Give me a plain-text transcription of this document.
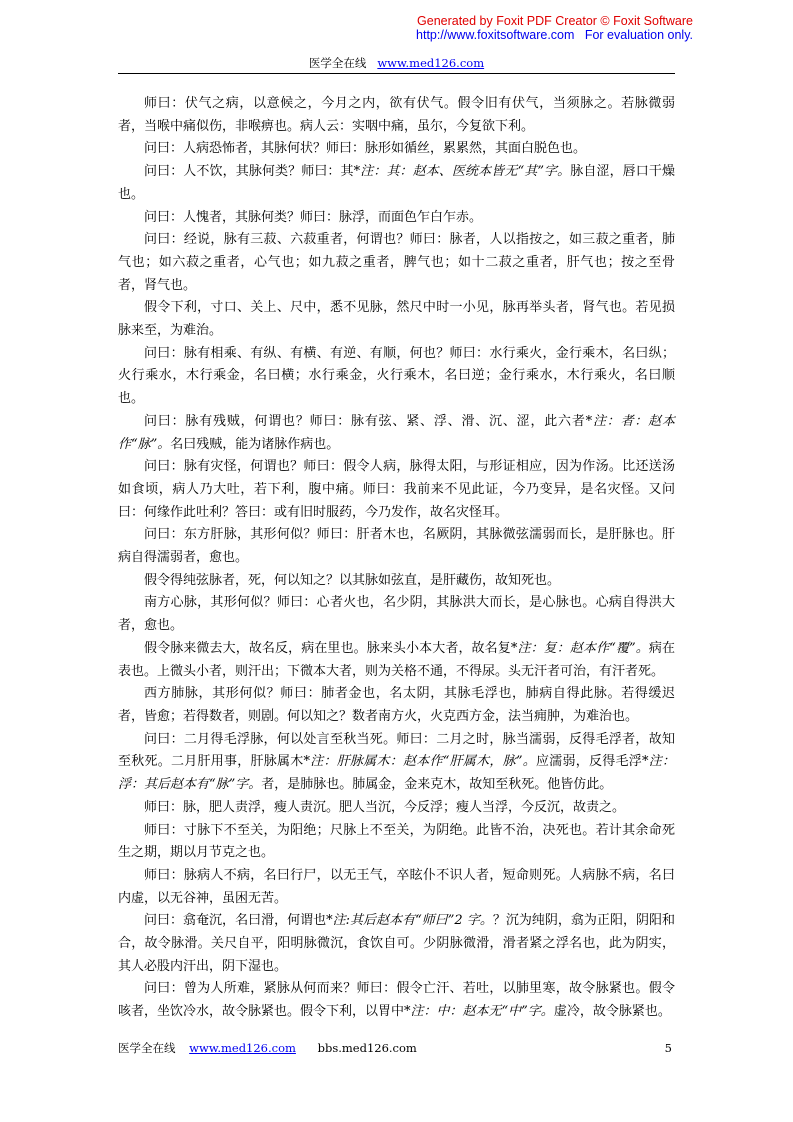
Generated by Foxit PDF Creator © Foxit Software
http://www.foxitsoftware.com For evaluation only.
医学全在线 www.med126.com

师曰：伏气之病，以意候之，今月之内，欲有伏气。假令旧有伏气，当须脉之。若脉微弱者，当喉中痛似伤，非喉痹也。病人云：实咽中痛，虽尔，今复欲下利。

问曰：人病恐怖者，其脉何状？师曰：脉形如循丝，累累然，其面白脱色也。

问曰：人不饮，其脉何类？师曰：其*注：其：赵本、医统本皆无“其”字。脉自涩，唇口干燥也。

问曰：人愧者，其脉何类？师曰：脉浮，而面色乍白乍赤。

问曰：经说，脉有三菽、六菽重者，何谓也？师曰：脉者，人以指按之，如三菽之重者，肺气也；如六菽之重者，心气也；如九菽之重者，脾气也；如十二菽之重者，肝气也；按之至骨者，肾气也。

假令下利，寸口、关上、尺中，悉不见脉，然尺中时一小见，脉再举头者，肾气也。若见损脉来至，为难治。

问曰：脉有相乘、有纵、有横、有逆、有顺，何也？师曰：水行乘火，金行乘木，名曰纵；火行乘水，木行乘金，名曰横；水行乘金，火行乘木，名曰逆；金行乘水，木行乘火，名曰顺也。

问曰：脉有残贼，何谓也？师曰：脉有弦、紧、浮、滑、沉、涩，此六者*注：者：赵本作“脉”。名曰残贼，能为诸脉作病也。

问曰：脉有灾怪，何谓也？师曰：假令人病，脉得太阳，与形证相应，因为作汤。比还送汤如食顷，病人乃大吐，若下利，腹中痛。师曰：我前来不见此证，今乃变异，是名灾怪。又问曰：何缘作此吐利？答曰：或有旧时服药，今乃发作，故名灾怪耳。

问曰：东方肝脉，其形何似？师曰：肝者木也，名厥阴，其脉微弦濡弱而长，是肝脉也。肝病自得濡弱者，愈也。

假令得纯弦脉者，死，何以知之？以其脉如弦直，是肝藏伤，故知死也。

南方心脉，其形何似？师曰：心者火也，名少阴，其脉洪大而长，是心脉也。心病自得洪大者，愈也。

假令脉来微去大，故名反，病在里也。脉来头小本大者，故名复*注：复：赵本作“覆”。病在表也。上微头小者，则汗出；下微本大者，则为关格不通，不得尿。头无汗者可治，有汗者死。

西方肺脉，其形何似？师曰：肺者金也，名太阴，其脉毛浮也，肺病自得此脉。若得缓迟者，皆愈；若得数者，则剧。何以知之？数者南方火，火克西方金，法当痈肿，为难治也。

问曰：二月得毛浮脉，何以处言至秋当死。师曰：二月之时，脉当濡弱，反得毛浮者，故知至秋死。二月肝用事，肝脉属木*注：肝脉属木：赵本作“肝属木，脉”。应濡弱，反得毛浮*注：浮：其后赵本有“脉”字。者，是肺脉也。肺属金，金来克木，故知至秋死。他皆仿此。

师曰：脉，肥人责浮，瘦人责沉。肥人当沉，今反浮；瘦人当浮，今反沉，故责之。

师曰：寸脉下不至关，为阳绝；尺脉上不至关，为阴绝。此皆不治，决死也。若计其余命死生之期，期以月节克之也。

师曰：脉病人不病，名曰行尸，以无王气，卒眩仆不识人者，短命则死。人病脉不病，名曰内虚，以无谷神，虽困无苦。

问曰：翕奄沉，名曰滑，何谓也*注:其后赵本有“师曰”2 字。？沉为纯阴，翕为正阳，阴阳和合，故令脉滑。关尺自平，阳明脉微沉，食饮自可。少阴脉微滑，滑者紧之浮名也，此为阴实，其人必股内汗出，阴下湿也。

问曰：曾为人所难，紧脉从何而来？师曰：假令亡汗、若吐，以肺里寒，故令脉紧也。假令咳者，坐饮冷水，故令脉紧也。假令下利，以胃中*注：中：赵本无“中”字。虚冷，故令脉紧也。

医学全在线 www.med126.com bbs.med126.com	5
